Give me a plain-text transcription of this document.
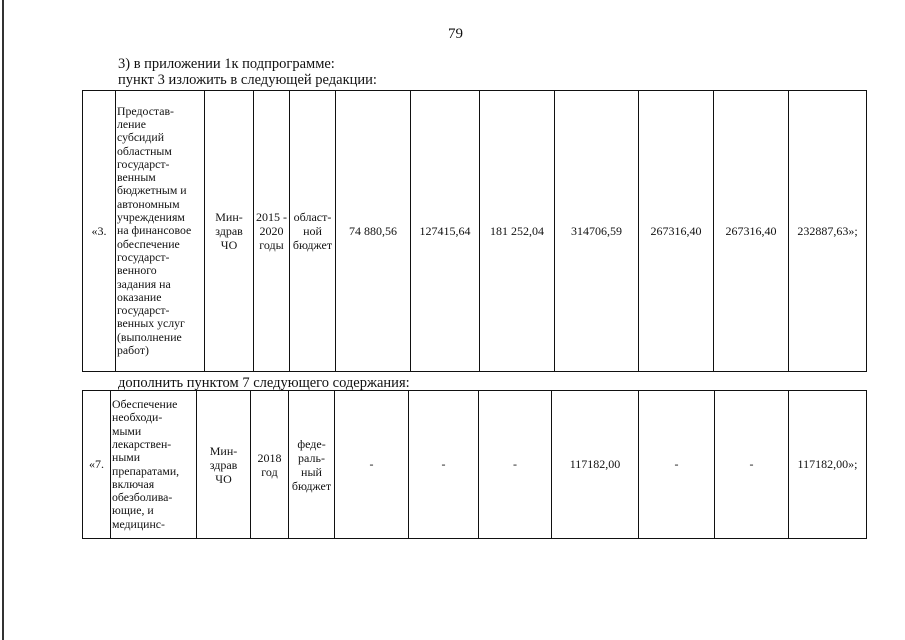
79
3) в приложении 1к подпрограмме:
пункт 3 изложить в следующей редакции:
«3.	Предостав-
ление
субсидий
областным
государст-
венным
бюджетным и
автономным
учреждениям
на финансовое
обеспечение
государст-
венного
задания на
оказание
государст-
венных услуг
(выполнение
работ)	Мин-
здрав
ЧО	2015 -
2020
годы	област-
ной
бюджет	74 880,56	127415,64	181 252,04	314706,59	267316,40	267316,40	232887,63»;
дополнить пунктом 7 следующего содержания:
«7.	Обеспечение
необходи-
мыми
лекарствен-
ными
препаратами,
включая
обезболива-
ющие, и
медицинс-	Мин-
здрав
ЧО	2018
год	феде-
раль-
ный
бюджет	-	-	-	117182,00	-	-	117182,00»;
